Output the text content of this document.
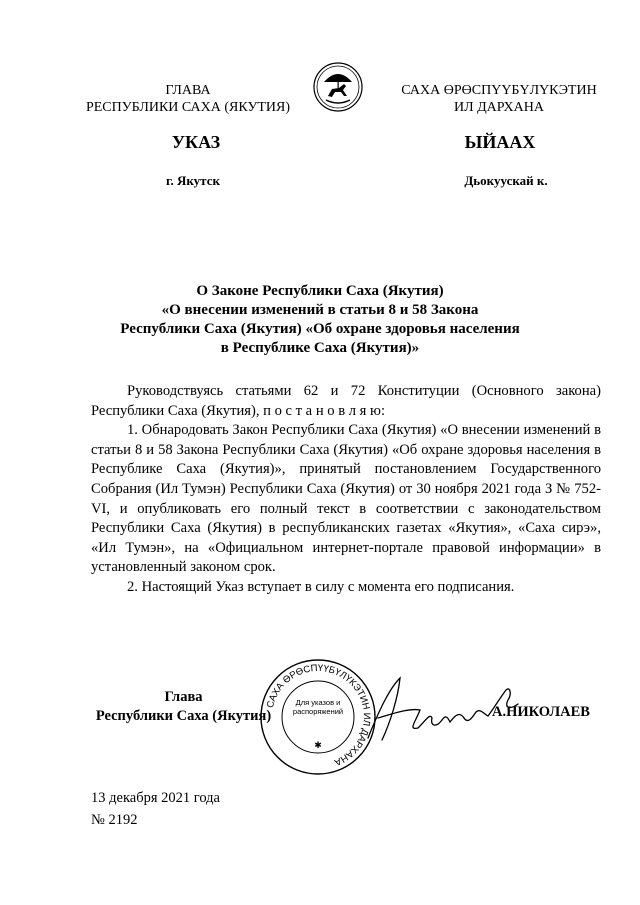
ГЛАВА
РЕСПУБЛИКИ САХА (ЯКУТИЯ)
САХА ӨРӨСПҮҮБҮЛҮКЭТИН
ИЛ ДАРХАНА
УКАЗ	ЫЙААХ
г. Якутск	Дьокуускай к.
О Законе Республики Саха (Якутия)
«О внесении изменений в статьи 8 и 58 Закона
Республики Саха (Якутия) «Об охране здоровья населения
в Республике Саха (Якутия)»

Руководствуясь статьями 62 и 72 Конституции (Основного закона) Республики Саха (Якутия), п о с т а н о в л я ю:

1. Обнародовать Закон Республики Саха (Якутия) «О внесении изменений в статьи 8 и 58 Закона Республики Саха (Якутия) «Об охране здоровья населения в Республике Саха (Якутия)», принятый постановлением Государственного Собрания (Ил Тумэн) Республики Саха (Якутия) от 30 ноября 2021 года З № 752-VI, и опубликовать его полный текст в соответствии с законодательством Республики Саха (Якутия) в республиканских газетах «Якутия», «Саха сирэ», «Ил Тумэн», на «Официальном интернет-портале правовой информации» в установленный законом срок.

2. Настоящий Указ вступает в силу с момента его подписания.

Глава
Республики Саха (Якутия)
САХА ӨРӨСПҮҮБҮЛҮКЭТИН ИЛ ДАРХАНА
Для указов и распоряжений
✱
А.НИКОЛАЕВ
13 декабря 2021 года
№ 2192
